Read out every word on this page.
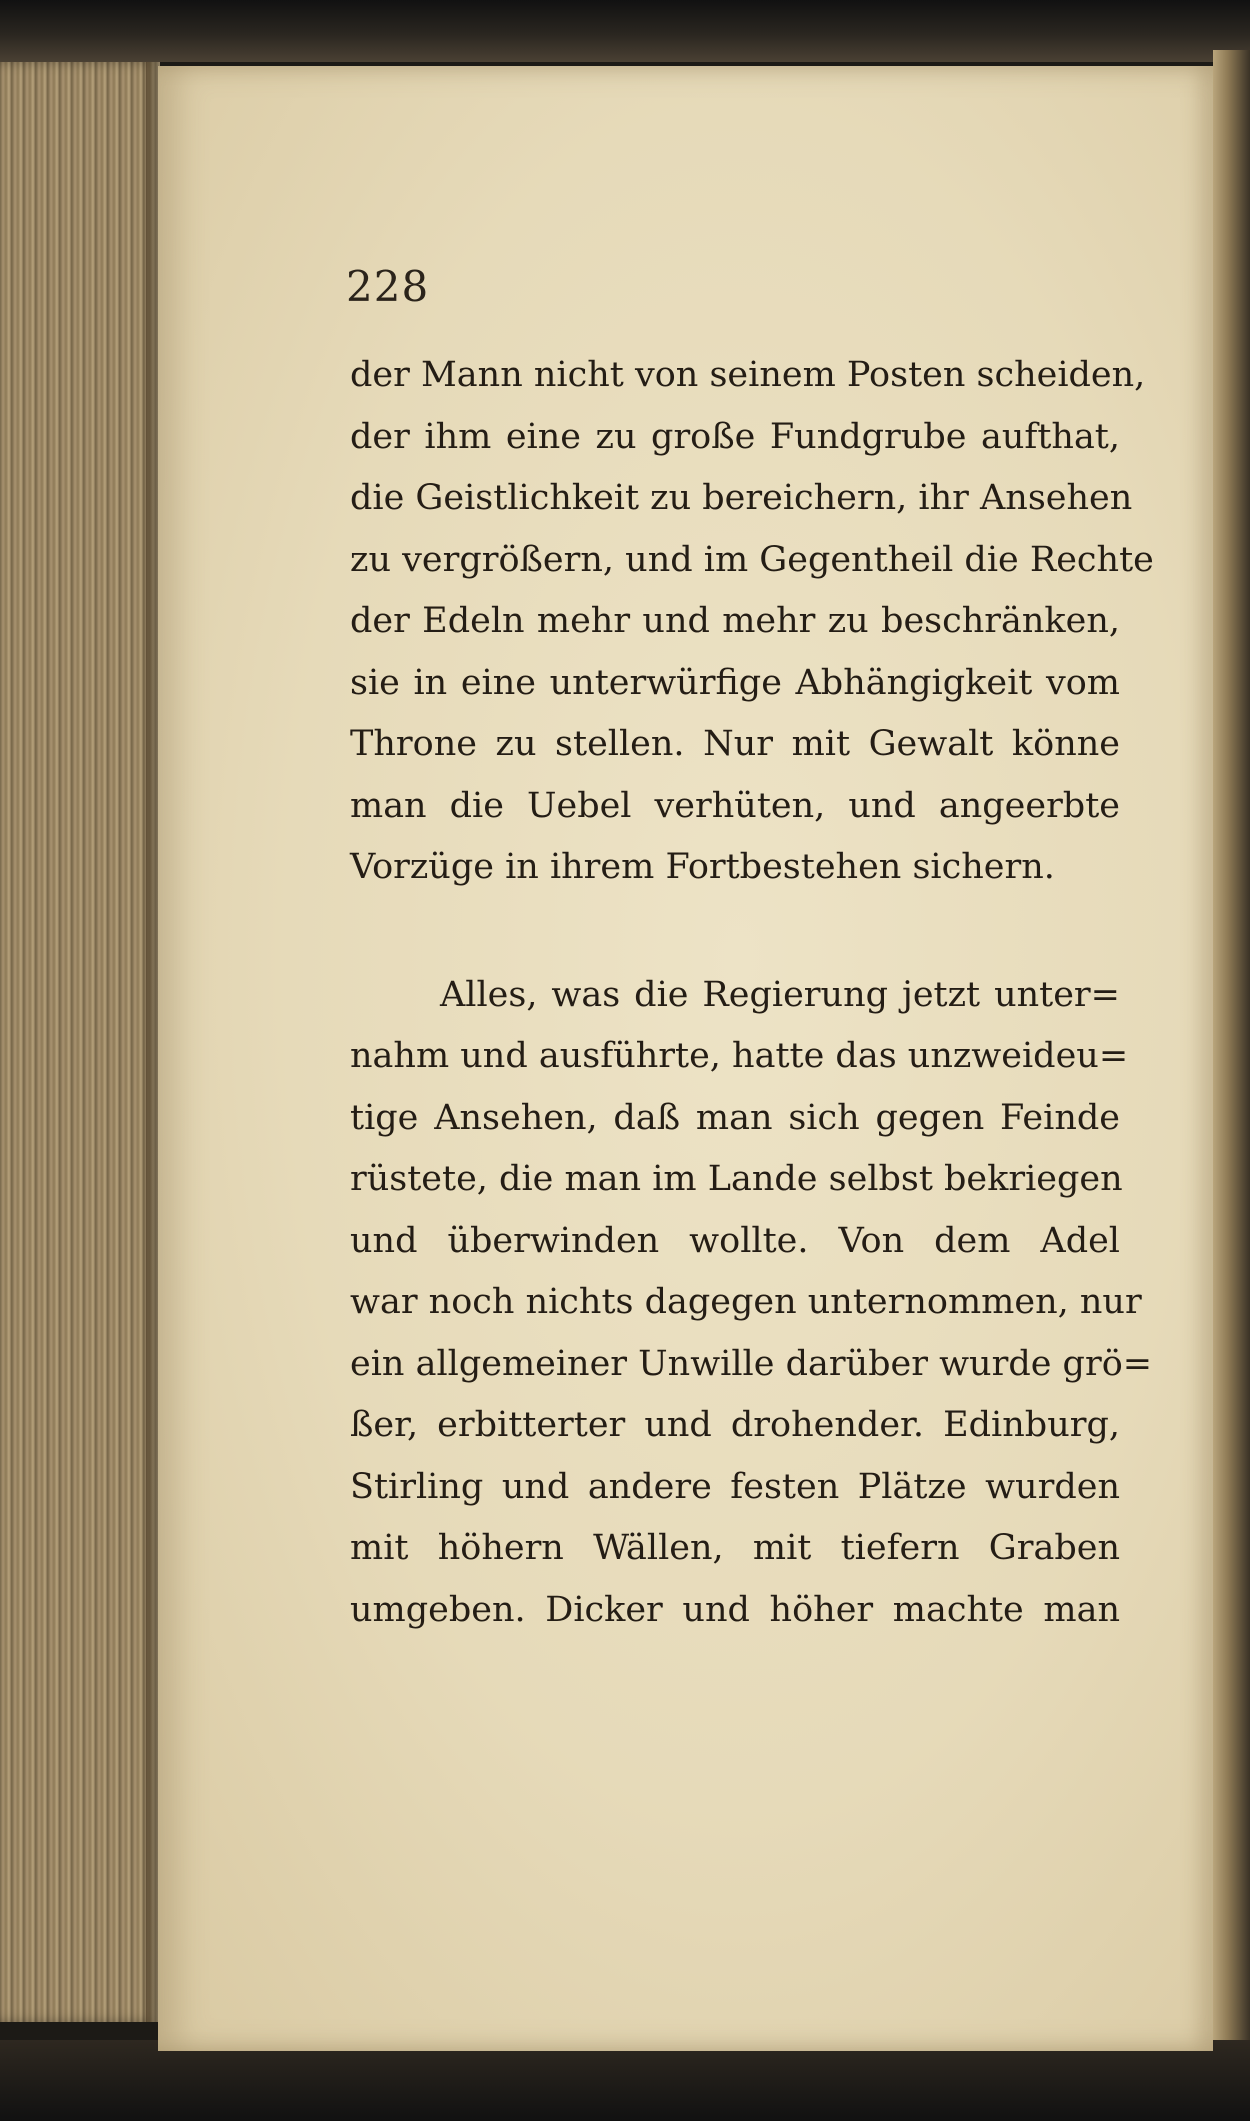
228
der Mann nicht von seinem Posten scheiden,
der ihm eine zu große Fundgrube aufthat,
die Geistlichkeit zu bereichern, ihr Ansehen
zu vergrößern, und im Gegentheil die Rechte
der Edeln mehr und mehr zu beschränken,
sie in eine unterwürfige Abhängigkeit vom
Throne zu stellen. Nur mit Gewalt könne
man die Uebel verhüten, und angeerbte
Vorzüge in ihrem Fortbestehen sichern.
Alles, was die Regierung jetzt unter=
nahm und ausführte, hatte das unzweideu=
tige Ansehen, daß man sich gegen Feinde
rüstete, die man im Lande selbst bekriegen
und überwinden wollte. Von dem Adel
war noch nichts dagegen unternommen, nur
ein allgemeiner Unwille darüber wurde grö=
ßer, erbitterter und drohender. Edinburg,
Stirling und andere festen Plätze wurden
mit höhern Wällen, mit tiefern Graben
umgeben. Dicker und höher machte man
